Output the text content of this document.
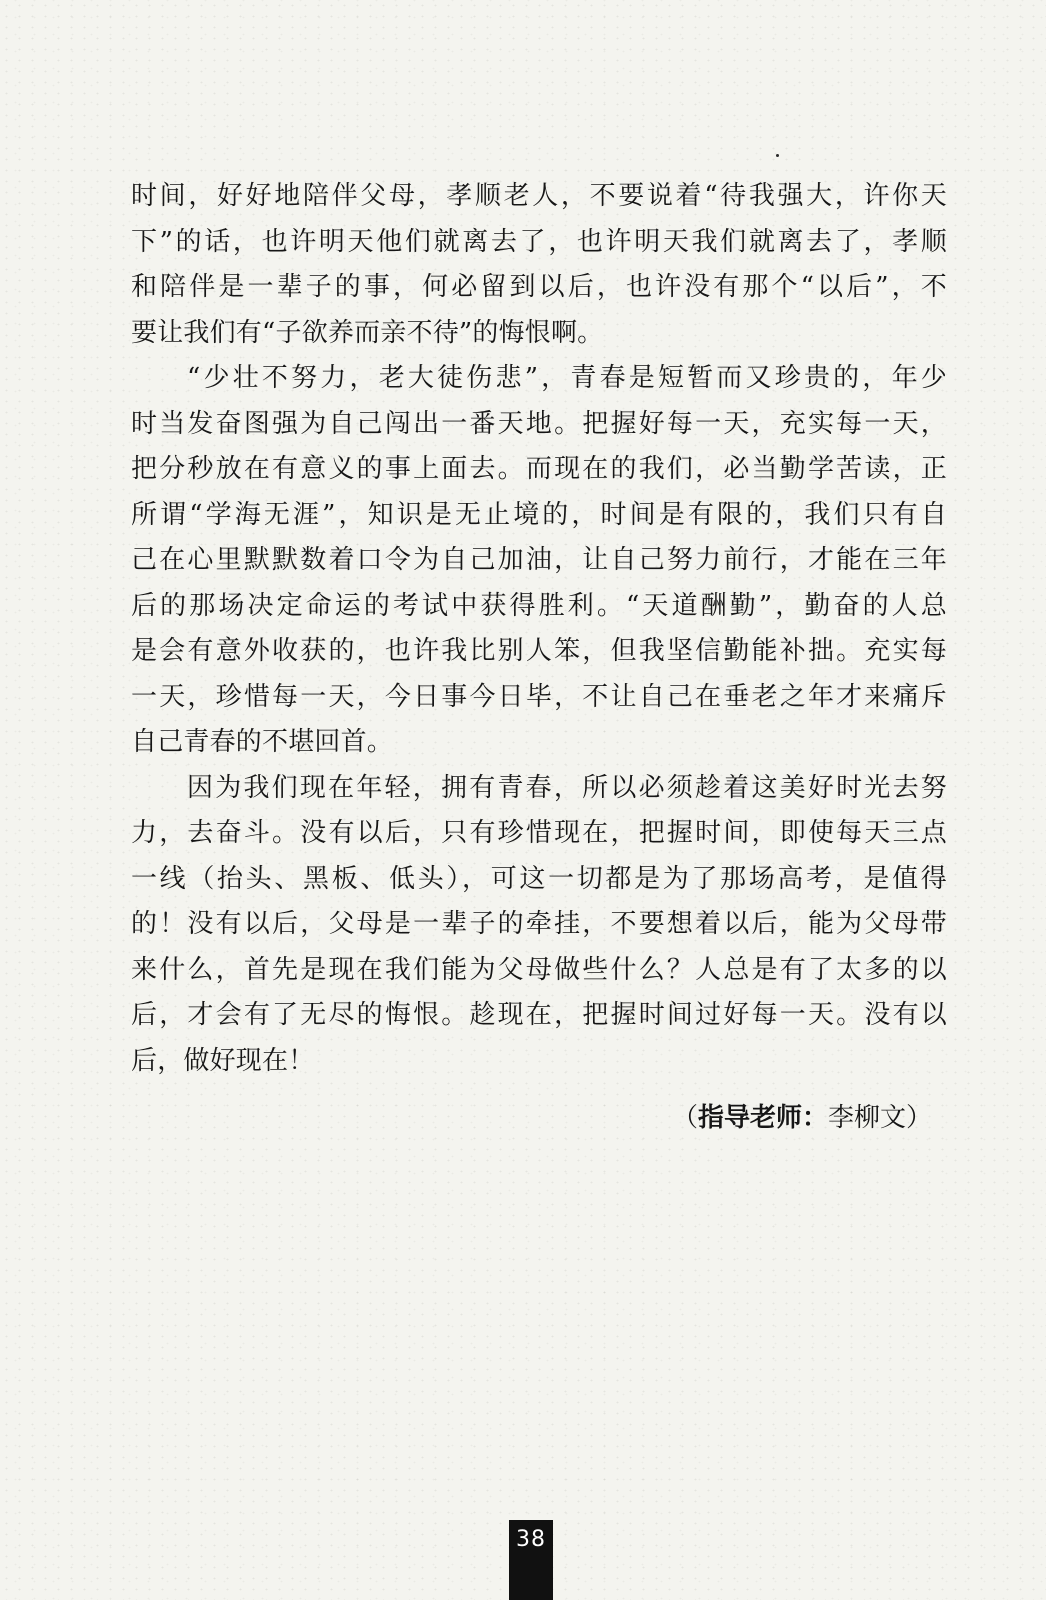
时间，好好地陪伴父母，孝顺老人，不要说着“待我强大，许你天
下”的话，也许明天他们就离去了，也许明天我们就离去了，孝顺
和陪伴是一辈子的事，何必留到以后，也许没有那个“以后”，不
要让我们有“子欲养而亲不待”的悔恨啊。
“少壮不努力，老大徒伤悲”，青春是短暂而又珍贵的，年少
时当发奋图强为自己闯出一番天地。把握好每一天，充实每一天，
把分秒放在有意义的事上面去。而现在的我们，必当勤学苦读，正
所谓“学海无涯”，知识是无止境的，时间是有限的，我们只有自
己在心里默默数着口令为自己加油，让自己努力前行，才能在三年
后的那场决定命运的考试中获得胜利。“天道酬勤”，勤奋的人总
是会有意外收获的，也许我比别人笨，但我坚信勤能补拙。充实每
一天，珍惜每一天，今日事今日毕，不让自己在垂老之年才来痛斥
自己青春的不堪回首。
因为我们现在年轻，拥有青春，所以必须趁着这美好时光去努
力，去奋斗。没有以后，只有珍惜现在，把握时间，即使每天三点
一线（抬头、黑板、低头），可这一切都是为了那场高考，是值得
的！没有以后，父母是一辈子的牵挂，不要想着以后，能为父母带
来什么，首先是现在我们能为父母做些什么？人总是有了太多的以
后，才会有了无尽的悔恨。趁现在，把握时间过好每一天。没有以
后，做好现在！
（指导老师：李柳文）
38
